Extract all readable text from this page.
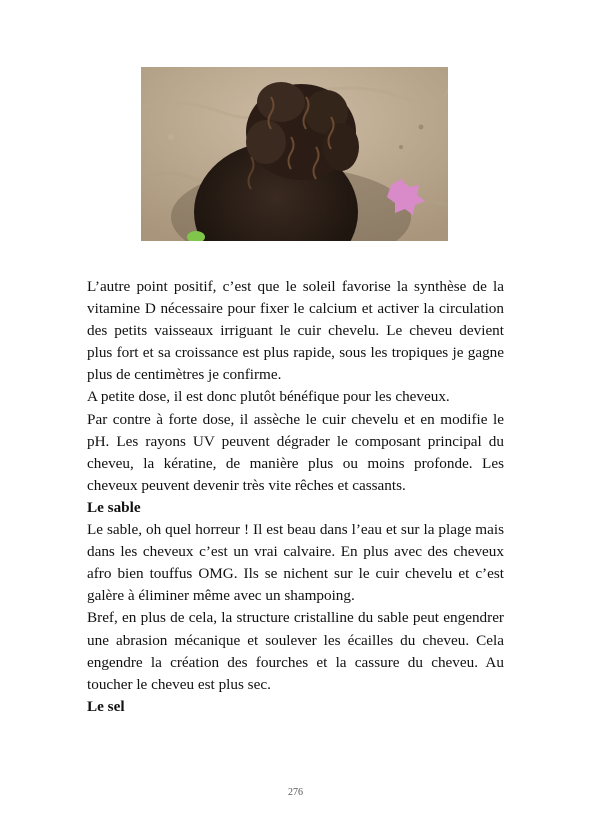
L’autre point positif, c’est que le soleil favorise la synthèse de la vitamine D nécessaire pour fixer le calcium et activer la circulation des petits vaisseaux irriguant le cuir chevelu. Le cheveu devient plus fort et sa croissance est plus rapide, sous les tropiques je gagne plus de centimètres je confirme.

A petite dose, il est donc plutôt bénéfique pour les cheveux.

Par contre à forte dose, il assèche le cuir chevelu et en modifie le pH. Les rayons UV peuvent dégrader le composant principal du cheveu, la kératine, de manière plus ou moins profonde. Les cheveux peuvent devenir très vite rêches et cassants.

Le sable

Le sable, oh quel horreur ! Il est beau dans l’eau et sur la plage mais dans les cheveux c’est un vrai calvaire. En plus avec des cheveux afro bien touffus OMG. Ils se nichent sur le cuir chevelu et c’est galère à éliminer même avec un shampoing.

Bref, en plus de cela, la structure cristalline du sable peut engendrer une abrasion mécanique et soulever les écailles du cheveu. Cela engendre la création des fourches et la cassure du cheveu. Au toucher le cheveu est plus sec.

Le sel

276
